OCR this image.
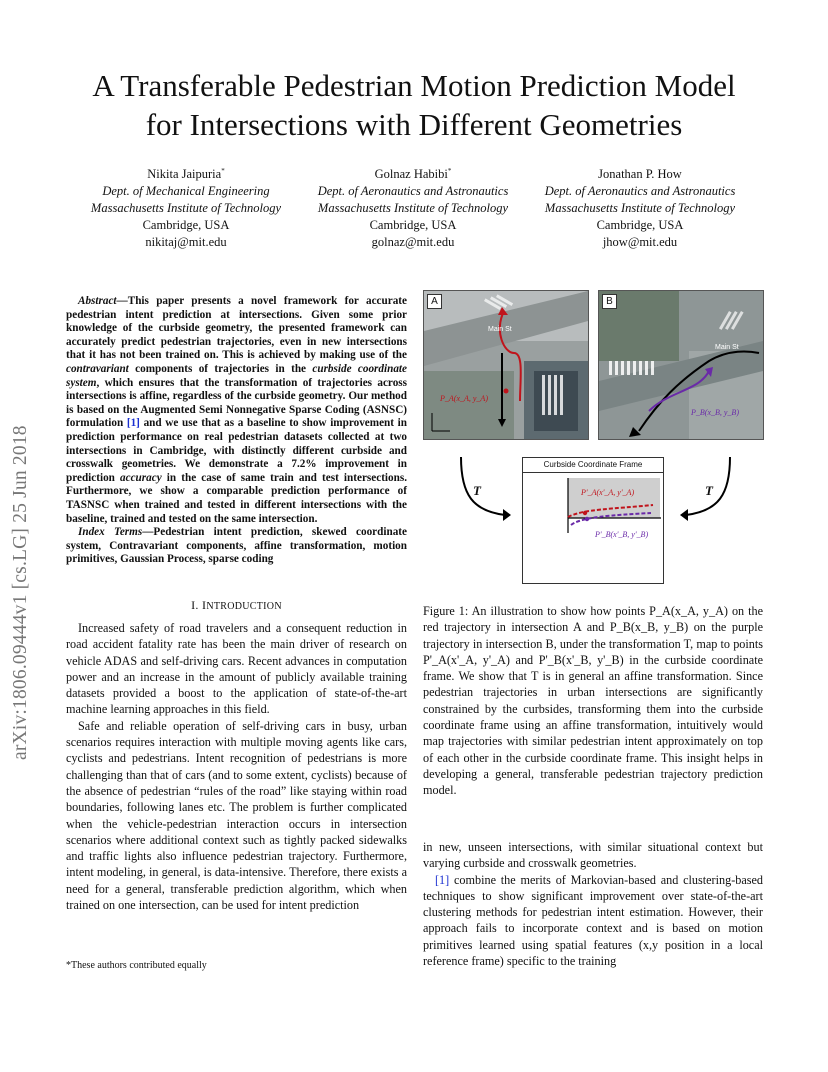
arXiv:1806.09444v1 [cs.LG] 25 Jun 2018
A Transferable Pedestrian Motion Prediction Model
for Intersections with Different Geometries
Nikita Jaipuria*
Dept. of Mechanical Engineering
Massachusetts Institute of Technology
Cambridge, USA
nikitaj@mit.edu
Golnaz Habibi*
Dept. of Aeronautics and Astronautics
Massachusetts Institute of Technology
Cambridge, USA
golnaz@mit.edu
Jonathan P. How
Dept. of Aeronautics and Astronautics
Massachusetts Institute of Technology
Cambridge, USA
jhow@mit.edu

Abstract—This paper presents a novel framework for accurate pedestrian intent prediction at intersections. Given some prior knowledge of the curbside geometry, the presented framework can accurately predict pedestrian trajectories, even in new intersections that it has not been trained on. This is achieved by making use of the contravariant components of trajectories in the curbside coordinate system, which ensures that the transformation of trajectories across intersections is affine, regardless of the curbside geometry. Our method is based on the Augmented Semi Nonnegative Sparse Coding (ASNSC) formulation [1] and we use that as a baseline to show improvement in prediction performance on real pedestrian datasets collected at two intersections in Cambridge, with distinctly different curbside and crosswalk geometries. We demonstrate a 7.2% improvement in prediction accuracy in the case of same train and test intersections. Furthermore, we show a comparable prediction performance of TASNSC when trained and tested in different intersections with the baseline, trained and tested on the same intersection.

Index Terms—Pedestrian intent prediction, skewed coordinate system, Contravariant components, affine transformation, motion primitives, Gaussian Process, sparse coding

I. INTRODUCTION

Increased safety of road travelers and a consequent reduction in road accident fatality rate has been the main driver of research on vehicle ADAS and self-driving cars. Recent advances in computation power and an increase in the amount of publicly available training datasets provided a boost to the application of state-of-the-art machine learning approaches in this field.

Safe and reliable operation of self-driving cars in busy, urban scenarios requires interaction with multiple moving agents like cars, cyclists and pedestrians. Intent recognition of pedestrians is more challenging than that of cars (and to some extent, cyclists) because of the absence of pedestrian “rules of the road” like staying within road boundaries, following lanes etc. The problem is further complicated when the vehicle-pedestrian interaction occurs in intersection scenarios where additional context such as tightly packed sidewalks and traffic lights also influence pedestrian trajectory. Furthermore, intent modeling, in general, is data-intensive. Therefore, there exists a need for a general, transferable prediction algorithm, which when trained on one intersection, can be used for intent prediction

*These authors contributed equally
P_A(x_A, y_A)
Main St
A
P_B(x_B, y_B)
Main St
B
T	T
Curbside Coordinate Frame
P'_A(x'_A, y'_A)
P'_B(x'_B, y'_B)
Figure 1: An illustration to show how points P_A(x_A, y_A) on the red trajectory in intersection A and P_B(x_B, y_B) on the purple trajectory in intersection B, under the transformation T, map to points P'_A(x'_A, y'_A) and P'_B(x'_B, y'_B) in the curbside coordinate frame. We show that T is in general an affine transformation. Since pedestrian trajectories in urban intersections are significantly constrained by the curbsides, transforming them into the curbside coordinate frame using an affine transformation, intuitively would map trajectories with similar pedestrian intent approximately on top of each other in the curbside coordinate frame. This insight helps in developing a general, transferable pedestrian trajectory prediction model.

in new, unseen intersections, with similar situational context but varying curbside and crosswalk geometries.

[1] combine the merits of Markovian-based and clustering-based techniques to show significant improvement over state-of-the-art clustering methods for pedestrian intent estimation. However, their approach fails to incorporate context and is based on motion primitives learned using spatial features (x,y position in a local reference frame) specific to the training
